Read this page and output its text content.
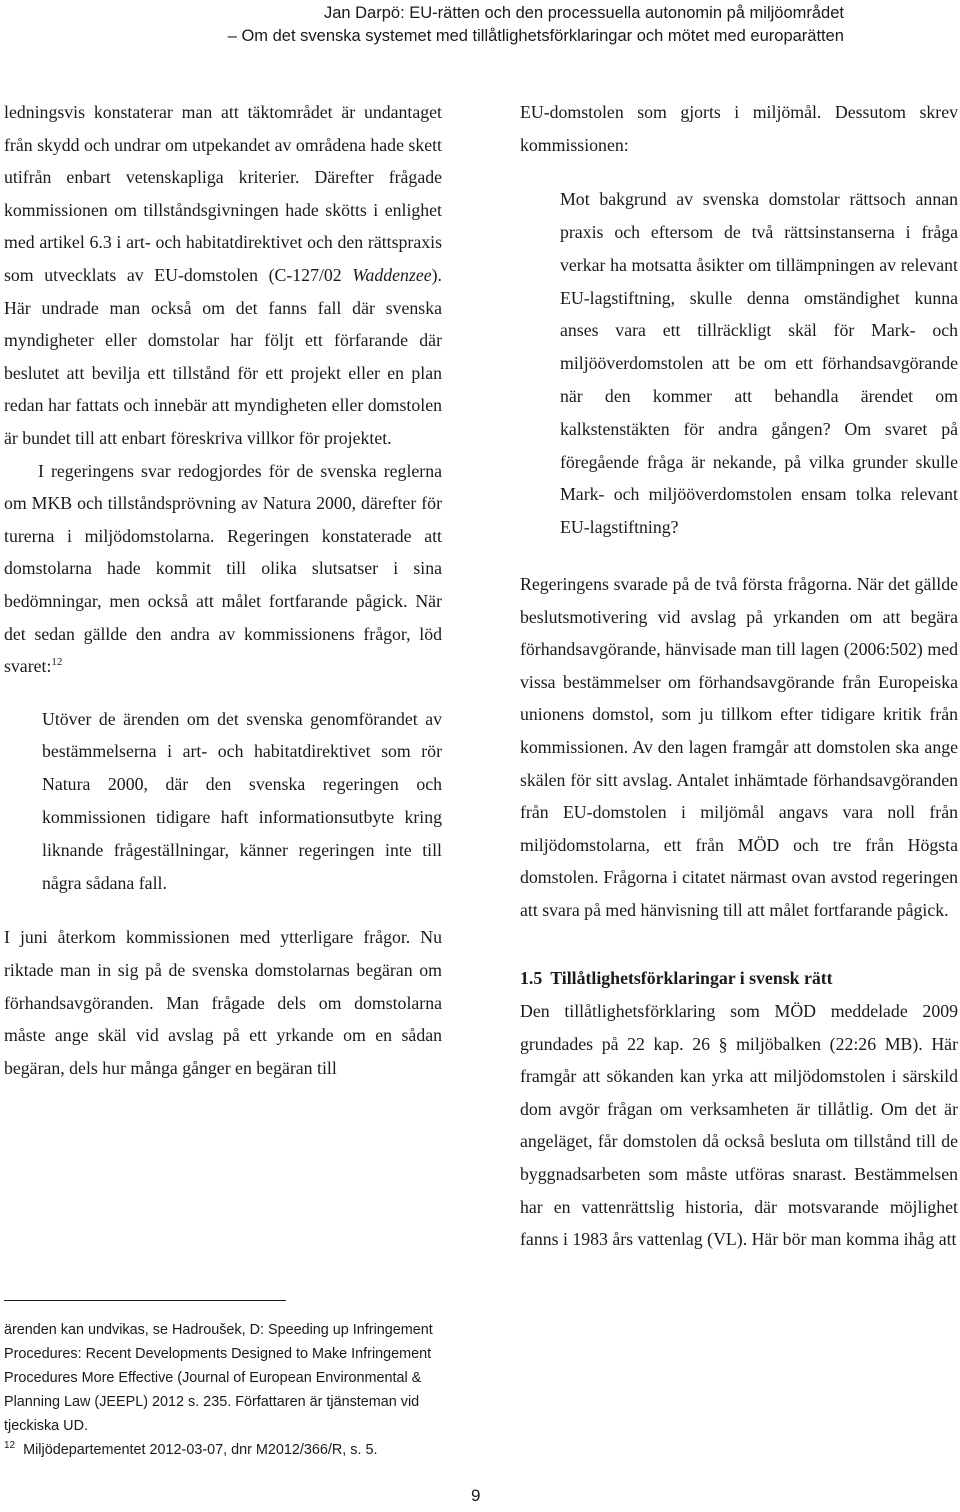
Jan Darpö: EU-rätten och den processuella autonomin på miljöområdet
– Om det svenska systemet med tillåtlighetsförklaringar och mötet med europarätten

ledningsvis konstaterar man att täktområdet är undantaget från skydd och undrar om utpekandet av områdena hade skett utifrån enbart vetenskapliga kriterier. Därefter frågade kommissionen om tillståndsgivningen hade skötts i enlighet med artikel 6.3 i art- och habitatdirektivet och den rättspraxis som utvecklats av EU-domstolen (C-127/02 Waddenzee). Här undrade man också om det fanns fall där svenska myndigheter eller domstolar har följt ett förfarande där beslutet att bevilja ett tillstånd för ett projekt eller en plan redan har fattats och innebär att myndigheten eller domstolen är bundet till att enbart föreskriva villkor för projektet.

I regeringens svar redogjordes för de svenska reglerna om MKB och tillståndsprövning av Natura 2000, därefter för turerna i miljödomstolarna. Regeringen konstaterade att domstolarna hade kommit till olika slutsatser i sina bedömningar, men också att målet fortfarande pågick. När det sedan gällde den andra av kommissionens frågor, löd svaret:$^{12}$

Utöver de ärenden om det svenska genomförandet av bestämmelserna i art- och habitatdirektivet som rör Natura 2000, där den svenska regeringen och kommissionen tidigare haft informationsutbyte kring liknande frågeställningar, känner regeringen inte till några sådana fall.

I juni återkom kommissionen med ytterligare frågor. Nu riktade man in sig på de svenska domstolarnas begäran om förhandsavgöranden. Man frågade dels om domstolarna måste ange skäl vid avslag på ett yrkande om en sådan begäran, dels hur många gånger en begäran till

ärenden kan undvikas, se Hadroušek, D: Speeding up Infringement Procedures: Recent Developments Designed to Make Infringement Procedures More Effective (Journal of European Environmental & Planning Law (JEEPL) 2012 s. 235. Författaren är tjänsteman vid tjeckiska UD.

$^{12}$ Miljödepartementet 2012-03-07, dnr M2012/366/R, s. 5.

EU-domstolen som gjorts i miljömål. Dessutom skrev kommissionen:

Mot bakgrund av svenska domstolar rättsoch annan praxis och eftersom de två rättsinstanserna i fråga verkar ha motsatta åsikter om tillämpningen av relevant EU-lagstiftning, skulle denna omständighet kunna anses vara ett tillräckligt skäl för Mark- och miljööverdomstolen att be om ett förhandsavgörande när den kommer att behandla ärendet om kalkstenstäkten för andra gången? Om svaret på föregående fråga är nekande, på vilka grunder skulle Mark- och miljööverdomstolen ensam tolka relevant EU-lagstiftning?

Regeringens svarade på de två första frågorna. När det gällde beslutsmotivering vid avslag på yrkanden om att begära förhandsavgörande, hänvisade man till lagen (2006:502) med vissa bestämmelser om förhandsavgörande från Europeiska unionens domstol, som ju tillkom efter tidigare kritik från kommissionen. Av den lagen framgår att domstolen ska ange skälen för sitt avslag. Antalet inhämtade förhandsavgöranden från EU-domstolen i miljömål angavs vara noll från miljödomstolarna, ett från MÖD och tre från Högsta domstolen. Frågorna i citatet närmast ovan avstod regeringen att svara på med hänvisning till att målet fortfarande pågick.

1.5 Tillåtlighetsförklaringar i svensk rätt

Den tillåtlighetsförklaring som MÖD meddelade 2009 grundades på 22 kap. 26 § miljöbalken (22:26 MB). Här framgår att sökanden kan yrka att miljödomstolen i särskild dom avgör frågan om verksamheten är tillåtlig. Om det är angeläget, får domstolen då också besluta om tillstånd till de byggnadsarbeten som måste utföras snarast. Bestämmelsen har en vattenrättslig historia, där motsvarande möjlighet fanns i 1983 års vattenlag (VL). Här bör man komma ihåg att

9
